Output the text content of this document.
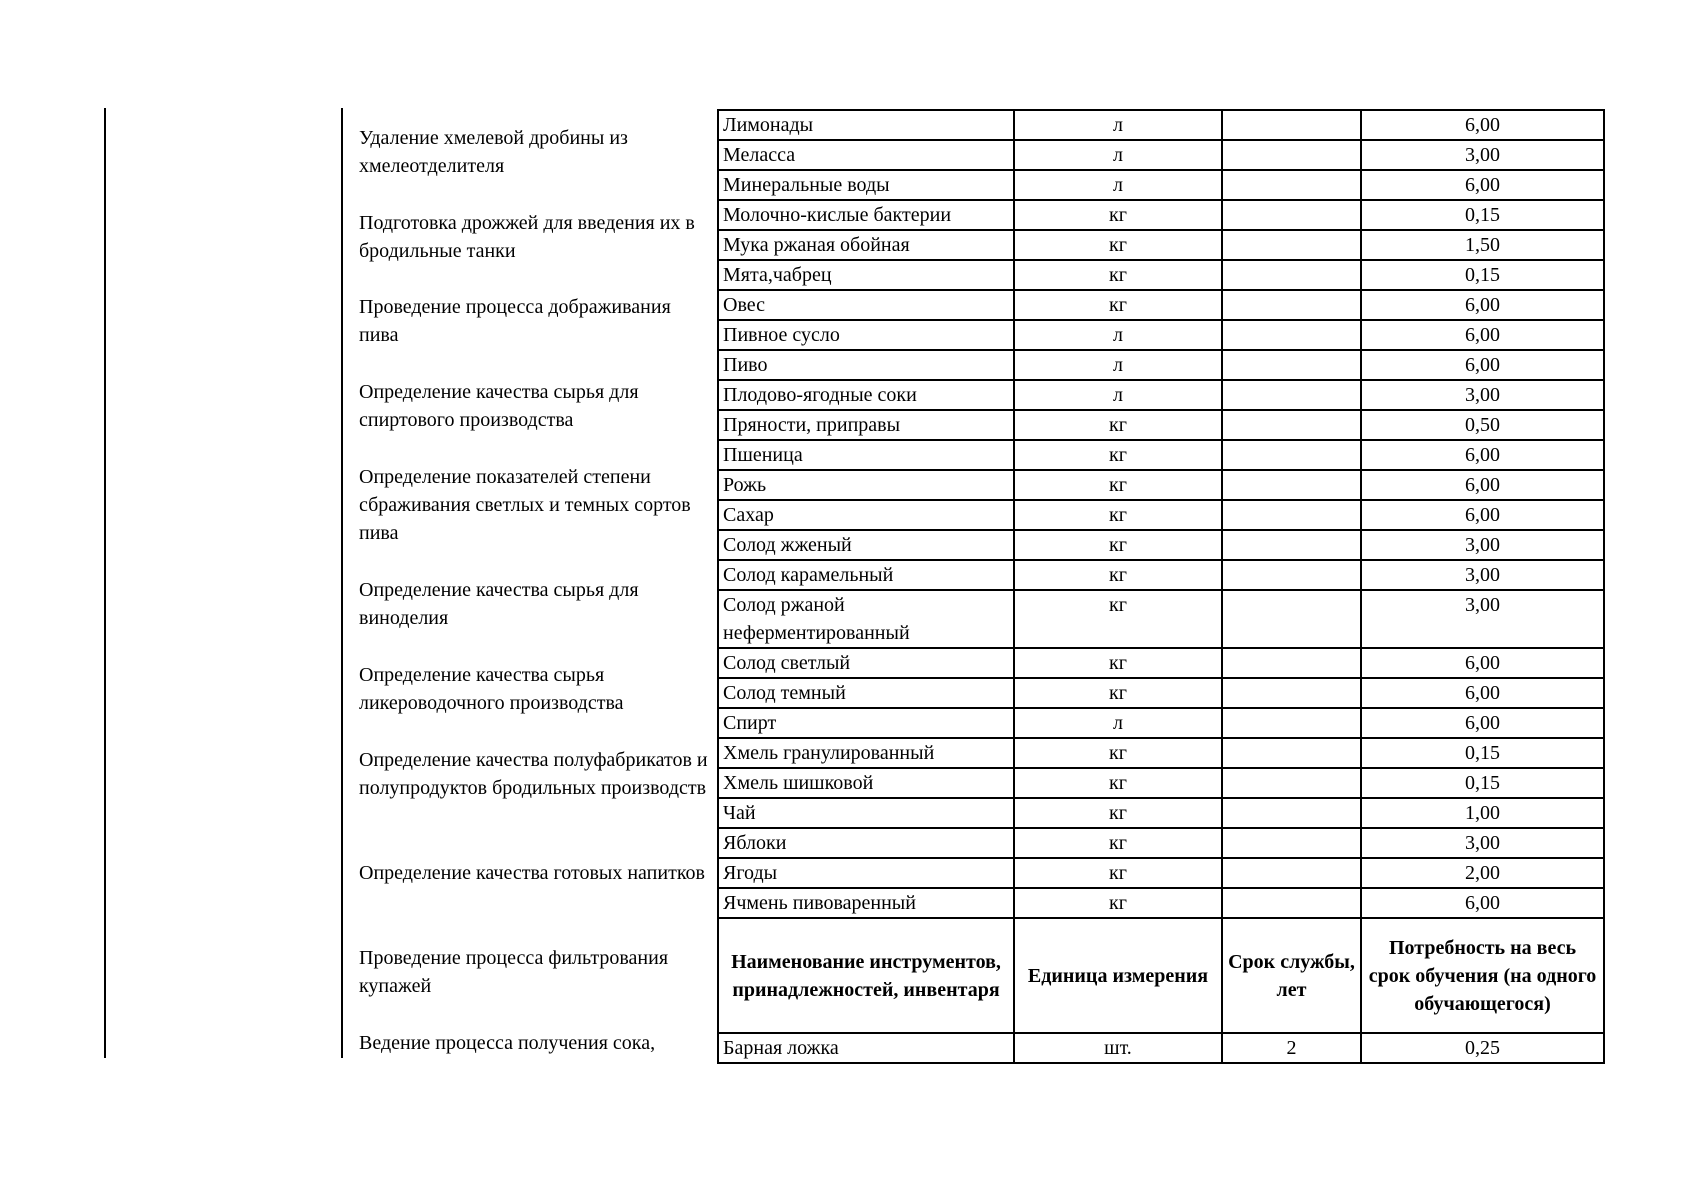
Удаление хмелевой дробины из хмелеотделителя
Подготовка дрожжей для введения их в бродильные танки
Проведение процесса дображивания пива
Определение качества сырья для спиртового производства
Определение показателей степени сбраживания светлых и темных сортов пива
Определение качества сырья для виноделия
Определение качества сырья ликероводочного производства
Определение качества полуфабрикатов и полупродуктов бродильных производств
Определение качества готовых напитков
Проведение процесса фильтрования купажей
Ведение процесса получения сока,
Лимонады	л		6,00
Меласса	л		3,00
Минеральные воды	л		6,00
Молочно-кислые бактерии	кг		0,15
Мука ржаная обойная	кг		1,50
Мята,чабрец	кг		0,15
Овес	кг		6,00
Пивное сусло	л		6,00
Пиво	л		6,00
Плодово-ягодные соки	л		3,00
Пряности, приправы	кг		0,50
Пшеница	кг		6,00
Рожь	кг		6,00
Сахар	кг		6,00
Солод жженый	кг		3,00
Солод карамельный	кг		3,00
Солод ржаной неферментированный	кг		3,00
Солод светлый	кг		6,00
Солод темный	кг		6,00
Спирт	л		6,00
Хмель гранулированный	кг		0,15
Хмель шишковой	кг		0,15
Чай	кг		1,00
Яблоки	кг		3,00
Ягоды	кг		2,00
Ячмень пивоваренный	кг		6,00
Наименование инструментов, принадлежностей, инвентаря	Единица измерения	Срок службы, лет	Потребность на весь срок обучения (на одного обучающегося)
Барная ложка	шт.	2	0,25
